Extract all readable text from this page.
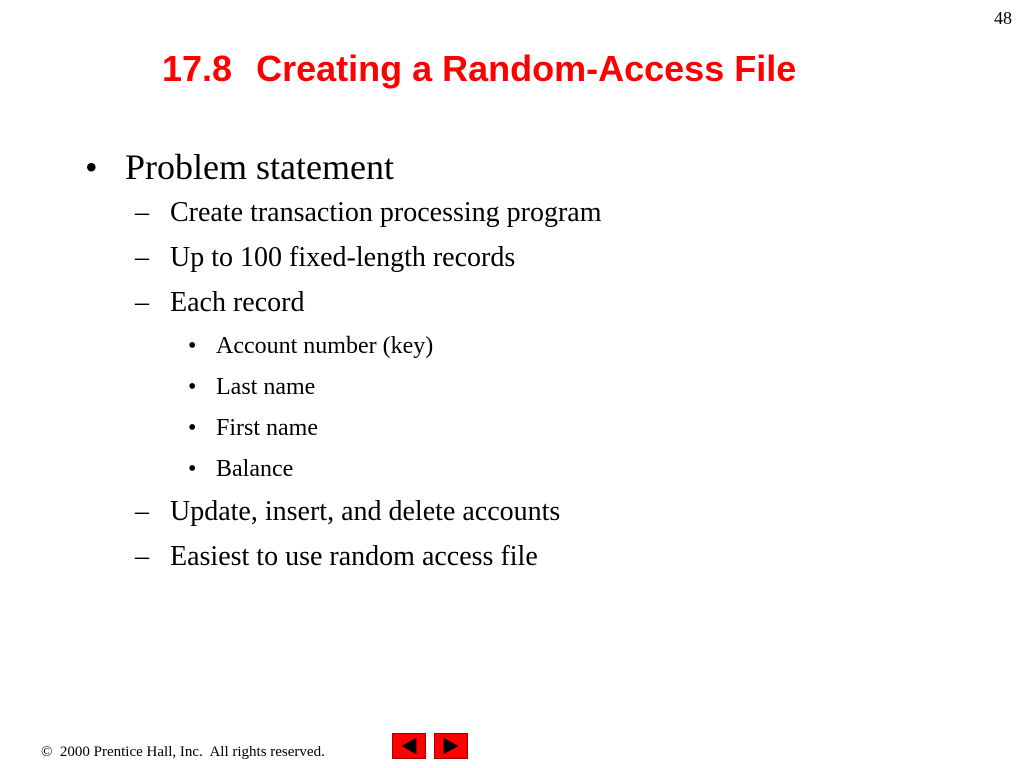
48
17.8 Creating a Random-Access File
• Problem statement
– Create transaction processing program
– Up to 100 fixed-length records
– Each record
• Account number (key)
• Last name
• First name
• Balance
– Update, insert, and delete accounts
– Easiest to use random access file
©  2000 Prentice Hall, Inc.  All rights reserved.
